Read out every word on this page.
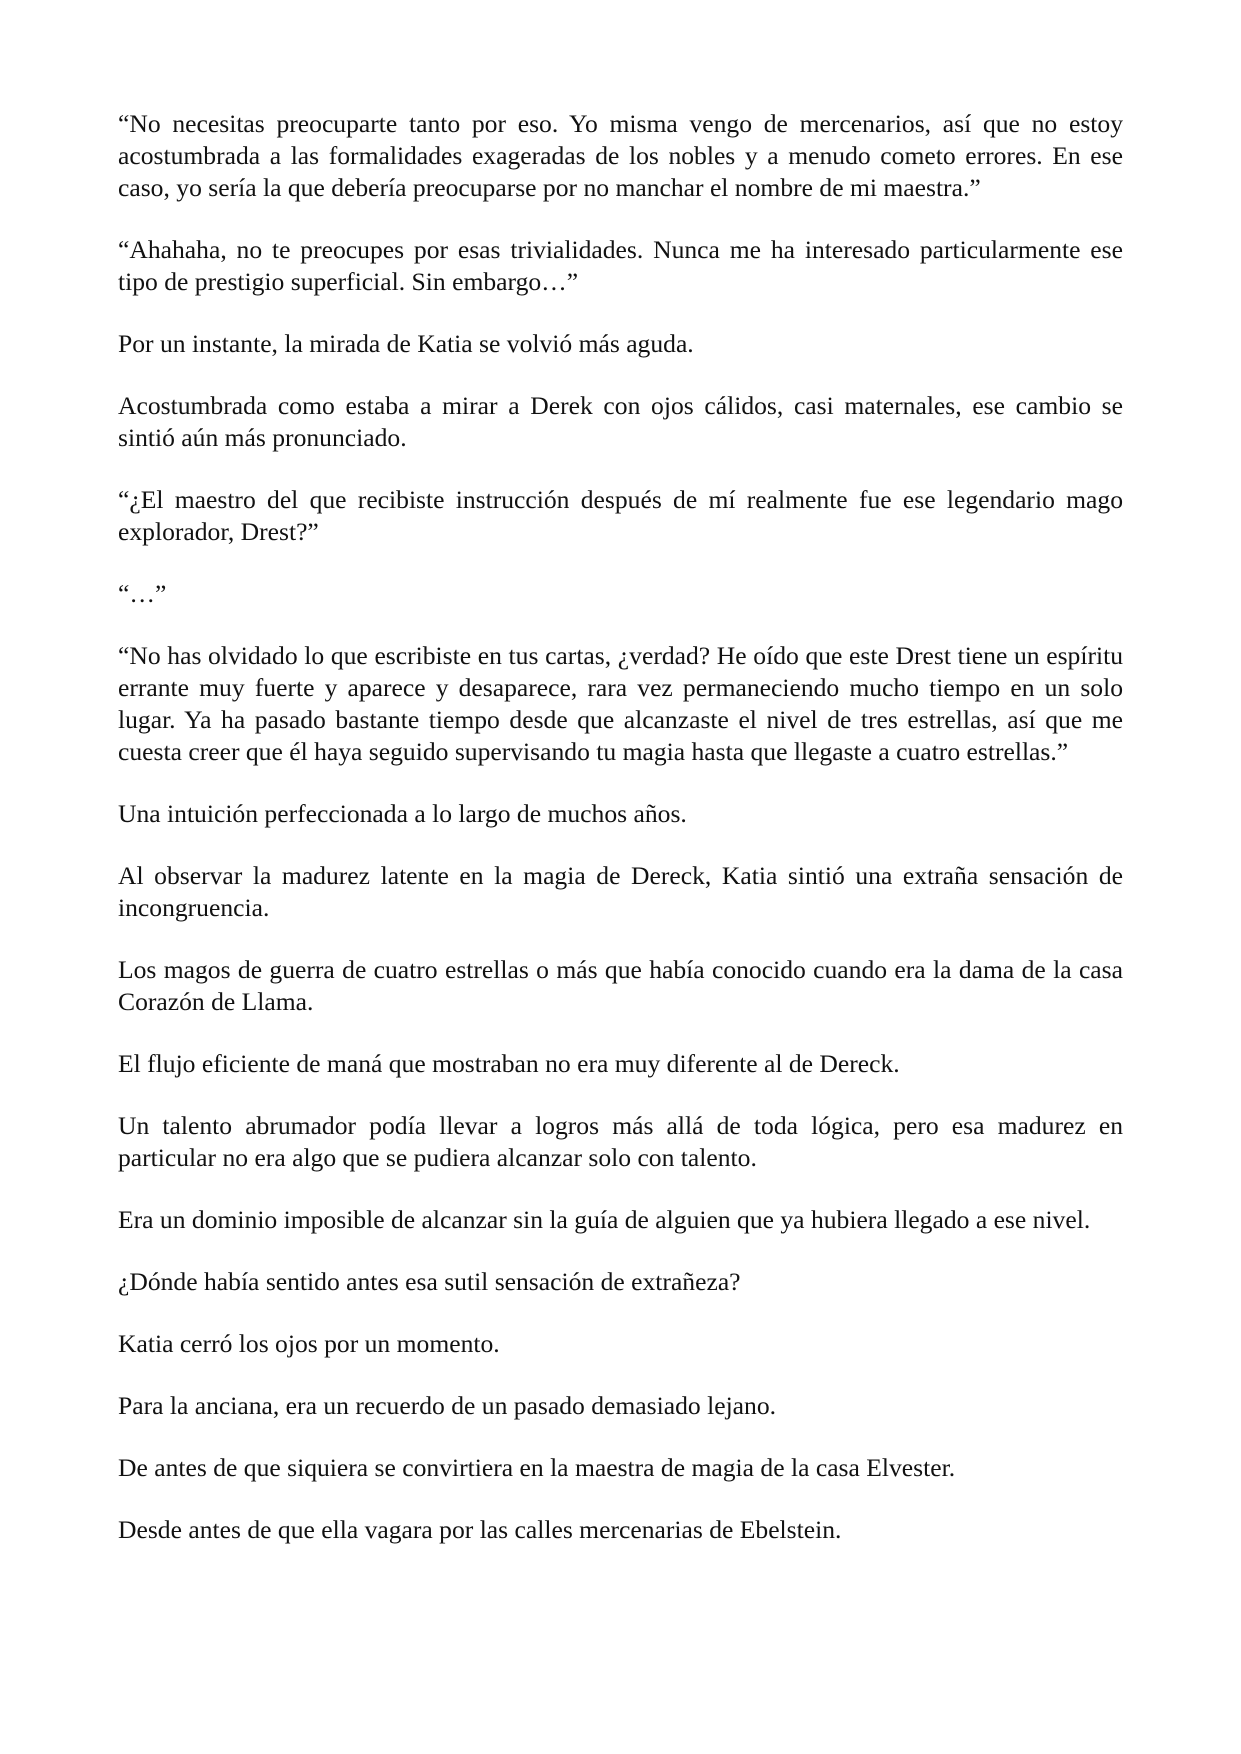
“No necesitas preocuparte tanto por eso. Yo misma vengo de mercenarios, así que no estoy acostumbrada a las formalidades exageradas de los nobles y a menudo cometo errores. En ese caso, yo sería la que debería preocuparse por no manchar el nombre de mi maestra.”

“Ahahaha, no te preocupes por esas trivialidades. Nunca me ha interesado particularmente ese tipo de prestigio superficial. Sin embargo…”

Por un instante, la mirada de Katia se volvió más aguda.

Acostumbrada como estaba a mirar a Derek con ojos cálidos, casi maternales, ese cambio se sintió aún más pronunciado.

“¿El maestro del que recibiste instrucción después de mí realmente fue ese legendario mago explorador, Drest?”

“…”

“No has olvidado lo que escribiste en tus cartas, ¿verdad? He oído que este Drest tiene un espíritu errante muy fuerte y aparece y desaparece, rara vez permaneciendo mucho tiempo en un solo lugar. Ya ha pasado bastante tiempo desde que alcanzaste el nivel de tres estrellas, así que me cuesta creer que él haya seguido supervisando tu magia hasta que llegaste a cuatro estrellas.”

Una intuición perfeccionada a lo largo de muchos años.

Al observar la madurez latente en la magia de Dereck, Katia sintió una extraña sensación de incongruencia.

Los magos de guerra de cuatro estrellas o más que había conocido cuando era la dama de la casa Corazón de Llama.

El flujo eficiente de maná que mostraban no era muy diferente al de Dereck.

Un talento abrumador podía llevar a logros más allá de toda lógica, pero esa madurez en particular no era algo que se pudiera alcanzar solo con talento.

Era un dominio imposible de alcanzar sin la guía de alguien que ya hubiera llegado a ese nivel.

¿Dónde había sentido antes esa sutil sensación de extrañeza?

Katia cerró los ojos por un momento.

Para la anciana, era un recuerdo de un pasado demasiado lejano.

De antes de que siquiera se convirtiera en la maestra de magia de la casa Elvester.

Desde antes de que ella vagara por las calles mercenarias de Ebelstein.
